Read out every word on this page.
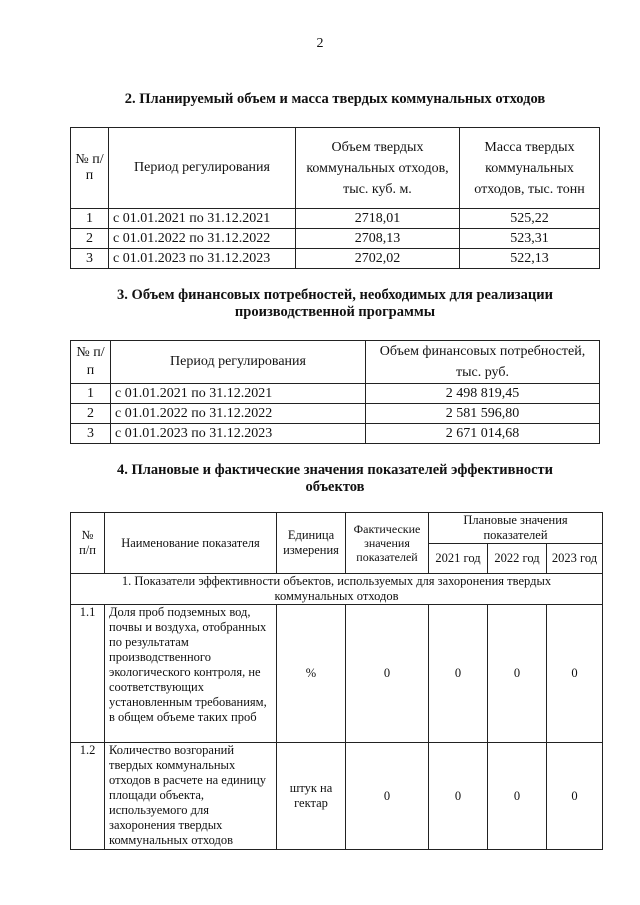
2
2. Планируемый объем и масса твердых коммунальных отходов
№ п/п	Период регулирования	Объем твердых коммунальных отходов, тыс. куб. м.	Масса твердых коммунальных отходов, тыс. тонн
1	с 01.01.2021 по 31.12.2021	2718,01	525,22
2	с 01.01.2022 по 31.12.2022	2708,13	523,31
3	с 01.01.2023 по 31.12.2023	2702,02	522,13
3. Объем финансовых потребностей, необходимых для реализации
производственной программы
№ п/п	Период регулирования	Объем финансовых потребностей, тыс. руб.
1	с 01.01.2021 по 31.12.2021	2 498 819,45
2	с 01.01.2022 по 31.12.2022	2 581 596,80
3	с 01.01.2023 по 31.12.2023	2 671 014,68
4. Плановые и фактические значения показателей эффективности
объектов
№ п/п	Наименование показателя	Единица измерения	Фактические значения показателей	Плановые значения показателей		
				2021 год	2022 год	2023 год
1. Показатели эффективности объектов, используемых для захоронения твердых коммунальных отходов						
1.1	Доля проб подземных вод, почвы и воздуха, отобранных по результатам производственного экологического контроля, не соответствующих установленным требованиям, в общем объеме таких проб	%	0	0	0	0
1.2	Количество возгораний твердых коммунальных отходов в расчете на единицу площади объекта, используемого для захоронения твердых коммунальных отходов	штук на гектар	0	0	0	0
